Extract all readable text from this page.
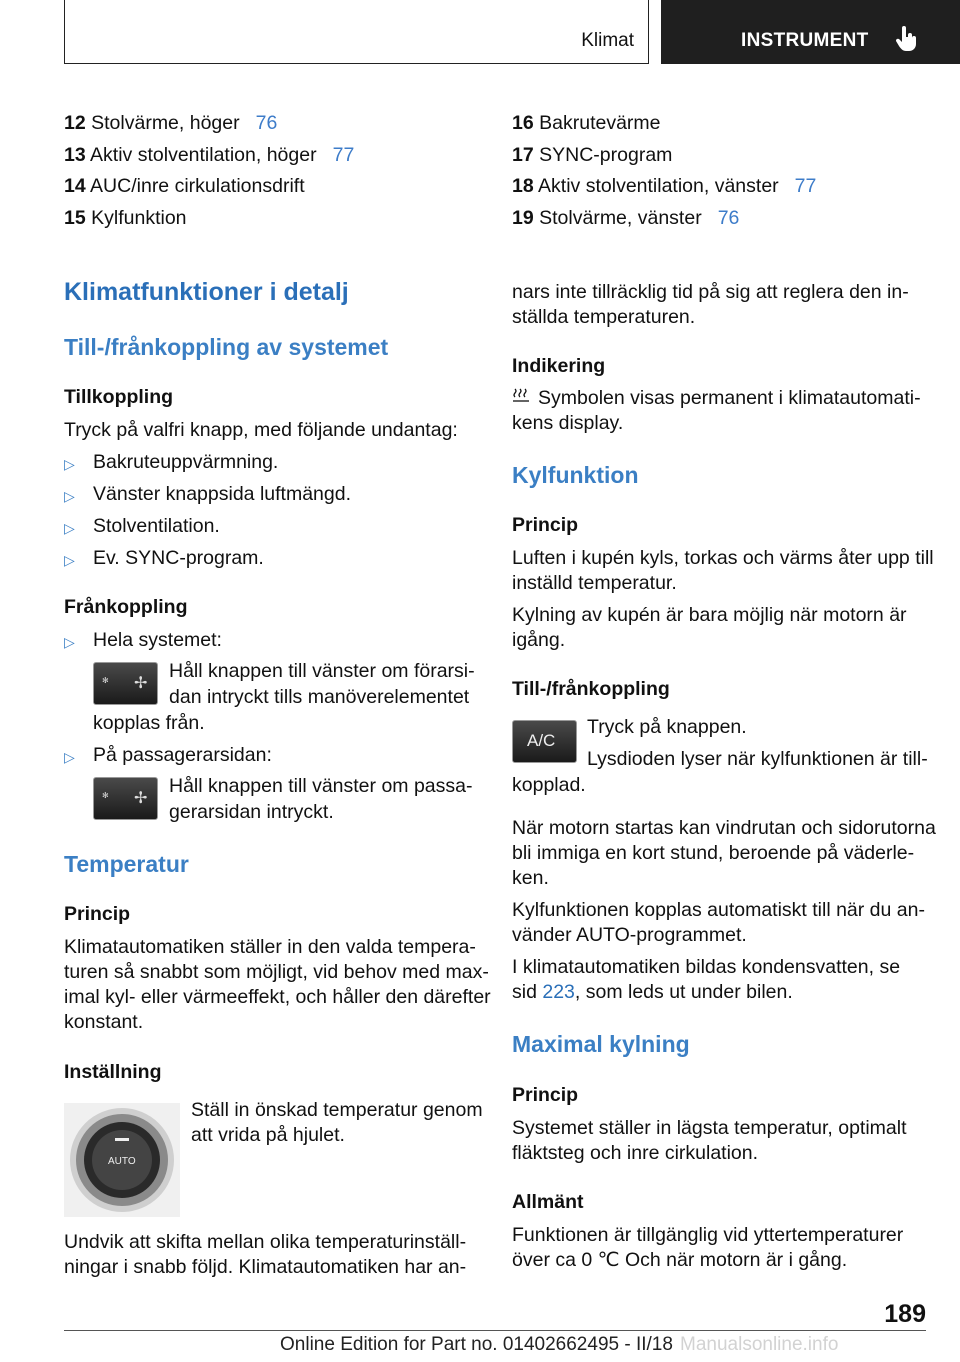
Klimat	INSTRUMENT
12 Stolvärme, höger 76
13 Aktiv stolventilation, höger 77
14 AUC/inre cirkulationsdrift
15 Kylfunktion
16 Bakrutevärme
17 SYNC-program
18 Aktiv stolventilation, vänster 77
19 Stolvärme, vänster 76
Klimatfunktioner i detalj
Till-/frånkoppling av systemet
Tillkoppling
Tryck på valfri knapp, med följande undantag:
▷ Bakruteuppvärmning.
▷ Vänster knappsida luftmängd.
▷ Stolventilation.
▷ Ev. SYNC-program.
Frånkoppling
▷ Hela systemet:
✻ ✢
Håll knappen till vänster om förarsi‐
dan intryckt tills manöverelementet
kopplas från.
▷ På passagerarsidan:
✻ ✢
Håll knappen till vänster om passa‐
gerarsidan intryckt.
Temperatur
Princip
Klimatautomatiken ställer in den valda tempera‐
turen så snabbt som möjligt, vid behov med max‐
imal kyl- eller värmeeffekt, och håller den därefter
konstant.
Inställning
AUTO
Ställ in önskad temperatur genom
att vrida på hjulet.
Undvik att skifta mellan olika temperaturinställ‐
ningar i snabb följd. Klimatautomatiken har an‐
nars inte tillräcklig tid på sig att reglera den in‐
ställda temperaturen.
Indikering
Symbolen visas permanent i klimatautomati‐
kens display.
Kylfunktion
Princip
Luften i kupén kyls, torkas och värms åter upp till
inställd temperatur.
Kylning av kupén är bara möjlig när motorn är
igång.
Till-/frånkoppling
A/C
Tryck på knappen.
Lysdioden lyser när kylfunktionen är till‐
kopplad.
När motorn startas kan vindrutan och sidorutorna
bli immiga en kort stund, beroende på väderle‐
ken.
Kylfunktionen kopplas automatiskt till när du an‐
vänder AUTO-programmet.
I klimatautomatiken bildas kondensvatten, se
sid 223, som leds ut under bilen.
Maximal kylning
Princip
Systemet ställer in lägsta temperatur, optimalt
fläktsteg och inre cirkulation.
Allmänt
Funktionen är tillgänglig vid yttertemperaturer
över ca 0 ℃ Och när motorn är i gång.
189
Online Edition for Part no. 01402662495 - II/18 Manualsonline.info
